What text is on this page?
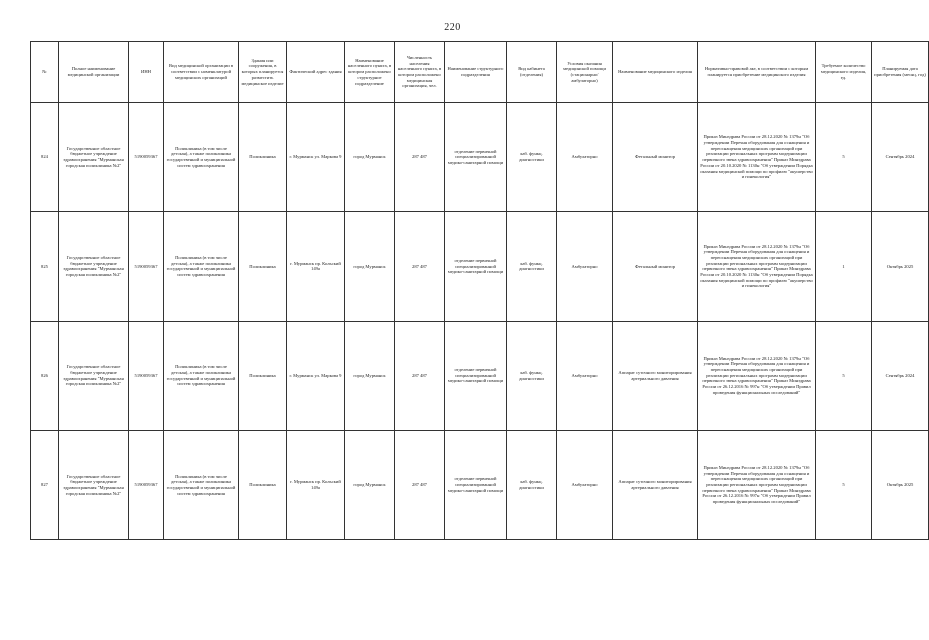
220
№	Полное наименование медицинской организации	ИНН	Вид медицинской организации в соответствии с номенклатурой медицинских организаций	Здания или сооружения, в которых планируется разместить медицинское изделие	Фактический адрес здания	Наименование населенного пункта, в котором расположено структурное подразделение	Численность населения населенного пункта, в котором расположено медицинская организация, чел.	Наименование структурного подразделения	Вид кабинета (отделения)	Условия оказания медицинской помощи (стационарно/ амбулаторно)	Наименование медицинского изделия	Нормативно-правовой акт, в соответствии с которым планируется приобретение медицинского изделия	Требуемое количество медицинского изделия, ед.	Планируемая дата приобретения (месяц, год)
824	Государственное областное бюджетное учреждение здравоохранения "Мурманская городская поликлиника №2"	5190059367	Поликлиника (в том числе детская), а также поликлиника государственной и муниципальной систем здравоохранения	Поликлиника	г. Мурманск ул. Маркова 9	город Мурманск	287 487	отделение первичной специализированной медико-санитарной помощи	каб. функц. диагностики	Амбулаторно	Фетальный монитор	Приказ Минздрава России от 28.12.2020 № 1379н "Об утверждении Перечня оборудования для оснащения и переоснащения медицинских организаций при реализации региональных программ модернизации первичного звена здравоохранения" Приказ Минздрава России от 20.10.2020 № 1130н "Об утверждении Порядка оказания медицинской помощи по профилю "акушерство и гинекология"	5	Сентябрь 2024
825	Государственное областное бюджетное учреждение здравоохранения "Мурманская городская поликлиника №2"	5190059367	Поликлиника (в том числе детская), а также поликлиника государственной и муниципальной систем здравоохранения	Поликлиника	г. Мурманск пр. Кольский 149а	город Мурманск	287 487	отделение первичной специализированной медико-санитарной помощи	каб. функц. диагностики	Амбулаторно	Фетальный монитор	Приказ Минздрава России от 28.12.2020 № 1379н "Об утверждении Перечня оборудования для оснащения и переоснащения медицинских организаций при реализации региональных программ модернизации первичного звена здравоохранения" Приказ Минздрава России от 20.10.2020 № 1130н "Об утверждении Порядка оказания медицинской помощи по профилю "акушерство и гинекология"	1	Октябрь 2025
826	Государственное областное бюджетное учреждение здравоохранения "Мурманская городская поликлиника №2"	5190059367	Поликлиника (в том числе детская), а также поликлиника государственной и муниципальной систем здравоохранения	Поликлиника	г. Мурманск ул. Маркова 9	город Мурманск	287 487	отделение первичной специализированной медико-санитарной помощи	каб. функц. диагностики	Амбулаторно	Аппарат суточного мониторирования артериального давления	Приказ Минздрава России от 28.12.2020 № 1379н "Об утверждении Перечня оборудования для оснащения и переоснащения медицинских организаций при реализации региональных программ модернизации первичного звена здравоохранения" Приказ Минздрава России от 26.12.2016 № 997н "Об утверждении Правил проведения функциональных исследований"	5	Сентябрь 2024
827	Государственное областное бюджетное учреждение здравоохранения "Мурманская городская поликлиника №2"	5190059367	Поликлиника (в том числе детская), а также поликлиника государственной и муниципальной систем здравоохранения	Поликлиника	г. Мурманск пр. Кольский 149а	город Мурманск	287 487	отделение первичной специализированной медико-санитарной помощи	каб. функц. диагностики	Амбулаторно	Аппарат суточного мониторирования артериального давления	Приказ Минздрава России от 28.12.2020 № 1379н "Об утверждении Перечня оборудования для оснащения и переоснащения медицинских организаций при реализации региональных программ модернизации первичного звена здравоохранения" Приказ Минздрава России от 26.12.2016 № 997н "Об утверждении Правил проведения функциональных исследований"	5	Октябрь 2025
